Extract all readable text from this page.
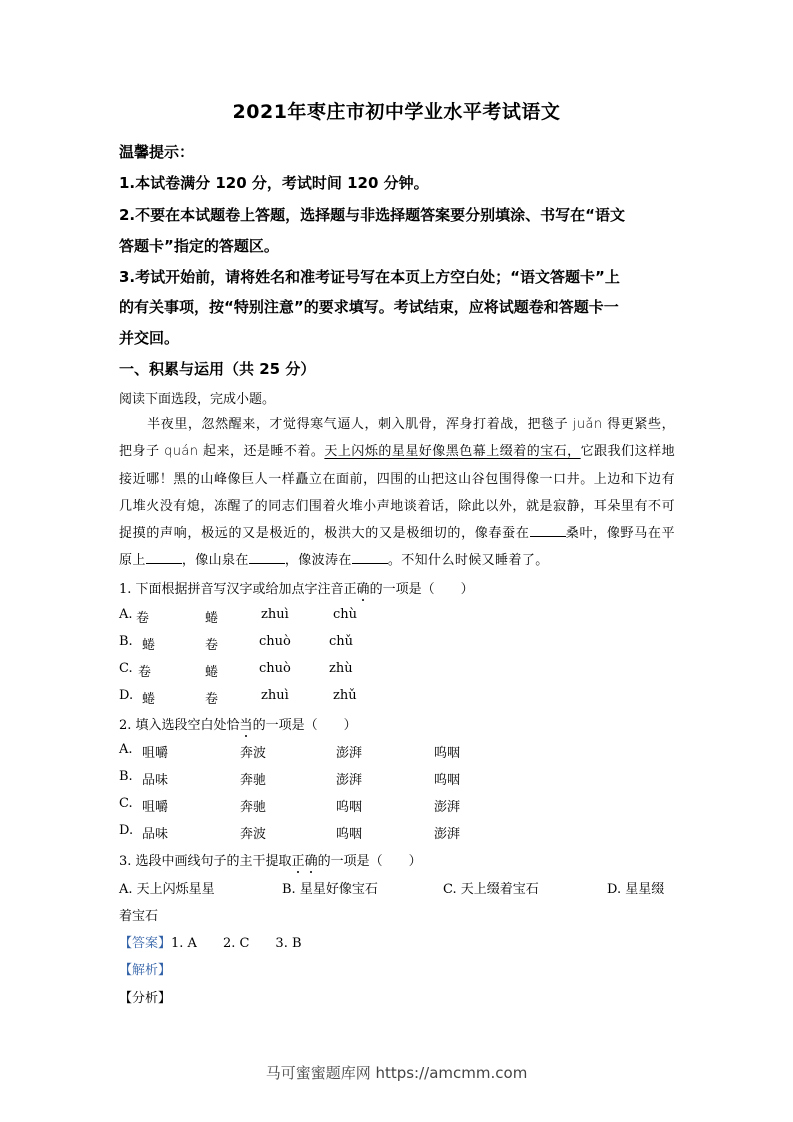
2021年枣庄市初中学业水平考试语文
温馨提示：
1.本试卷满分 120 分，考试时间 120 分钟。
2.不要在本试题卷上答题，选择题与非选择题答案要分别填涂、书写在“语文
答题卡”指定的答题区。
3.考试开始前，请将姓名和准考证号写在本页上方空白处；“语文答题卡”上
的有关事项，按“特别注意”的要求填写。考试结束，应将试题卷和答题卡一
并交回。
一、积累与运用（共 25 分）
阅读下面选段，完成小题。
半夜里，忽然醒来，才觉得寒气逼人，刺入肌骨，浑身打着战，把毯子 juǎn 得更紧些，把身子 quán 起来，还是睡不着。天上闪烁的星星好像黑色幕上缀着的宝石，它跟我们这样地接近哪！黑的山峰像巨人一样矗立在面前，四围的山把这山谷包围得像一口井。上边和下边有几堆火没有熄，冻醒了的同志们围着火堆小声地谈着话，除此以外，就是寂静，耳朵里有不可捉摸的声响，极远的又是极近的，极洪大的又是极细切的，像春蚕在	桑叶，像野马在平原上	，像山泉在	，像波涛在	。不知什么时候又睡着了。
1. 下面根据拼音写汉字或给加点字注音正确的一项是（　　）
A. 卷	蜷	zhuì	chù
B. 蜷	卷	chuò	chǔ
C. 卷	蜷	chuò	zhù
D. 蜷	卷	zhuì	zhǔ
2. 填入选段空白处恰当的一项是（　　）
A. 咀嚼	奔波	澎湃	呜咽
B. 品味	奔驰	澎湃	呜咽
C. 咀嚼	奔驰	呜咽	澎湃
D. 品味	奔波	呜咽	澎湃
3. 选段中画线句子的主干提取正确的一项是（　　）
A. 天上闪烁星星	B. 星星好像宝石	C. 天上缀着宝石	D. 星星缀
着宝石
【答案】1. A　　2. C　　3. B
【解析】
【分析】
马可蜜蜜题库网 https://amcmm.com
